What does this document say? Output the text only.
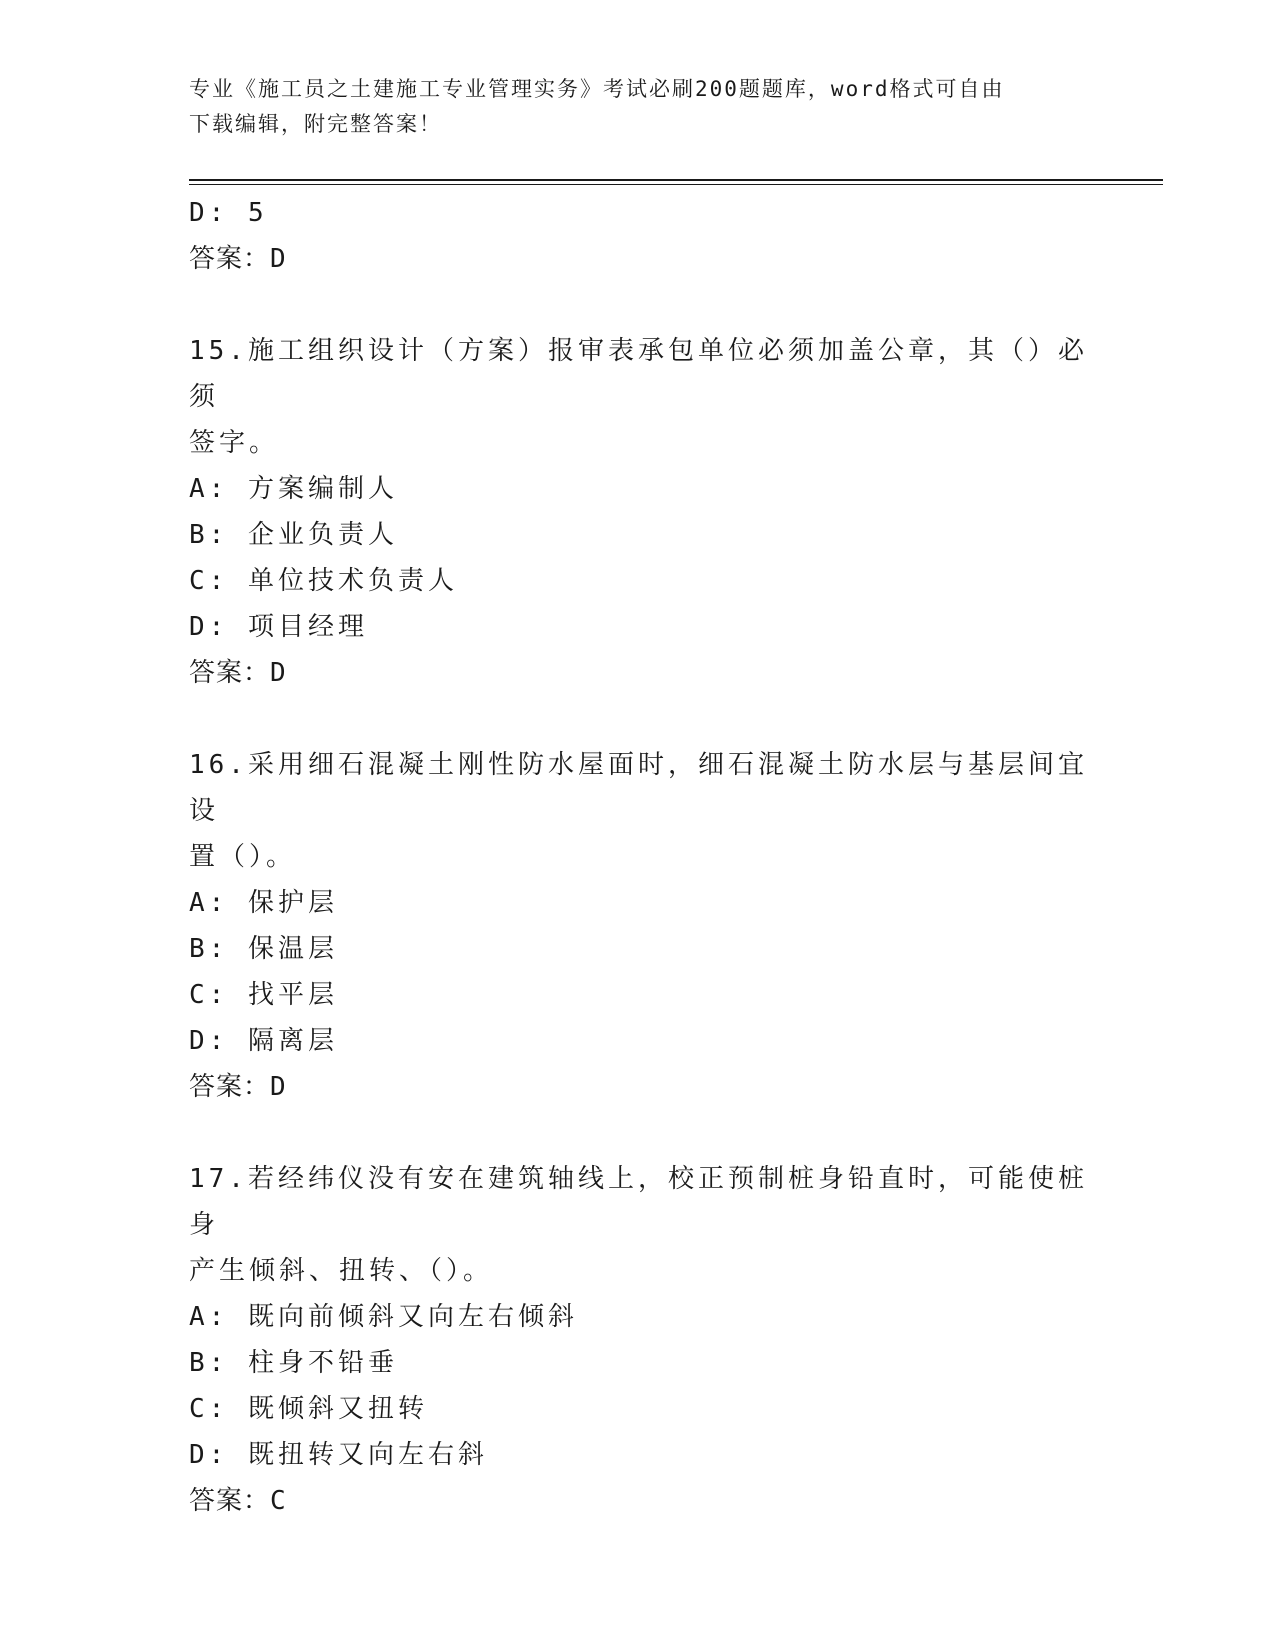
专业《施工员之土建施工专业管理实务》考试必刷200题题库，word格式可自由
下载编辑，附完整答案！
D: 5
答案：D
15.施工组织设计（方案）报审表承包单位必须加盖公章，其（）必须
签字。
A: 方案编制人
B: 企业负责人
C: 单位技术负责人
D: 项目经理
答案：D
16.采用细石混凝土刚性防水屋面时，细石混凝土防水层与基层间宜设
置（）。
A: 保护层
B: 保温层
C: 找平层
D: 隔离层
答案：D
17.若经纬仪没有安在建筑轴线上，校正预制桩身铅直时，可能使桩身
产生倾斜、扭转、（）。
A: 既向前倾斜又向左右倾斜
B: 柱身不铅垂
C: 既倾斜又扭转
D: 既扭转又向左右斜
答案：C
